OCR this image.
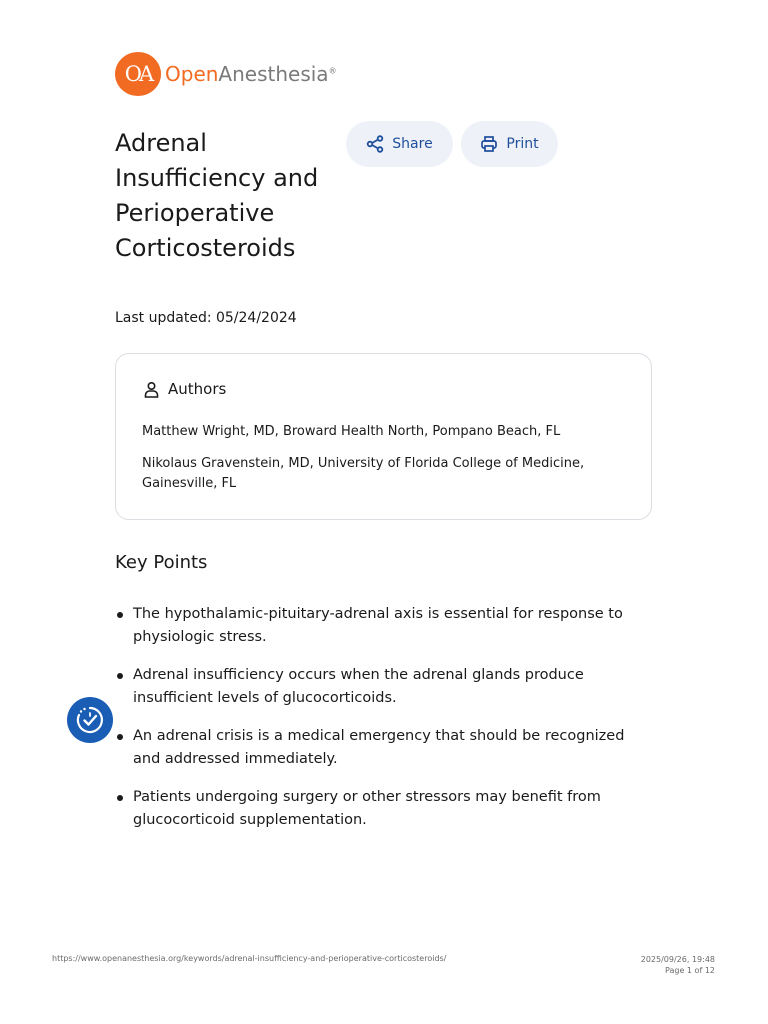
OA OpenAnesthesia®
Adrenal Insufficiency and Perioperative Corticosteroids
Last updated: 05/24/2024
Share	Print
Authors
Matthew Wright, MD, Broward Health North, Pompano Beach, FL
Nikolaus Gravenstein, MD, University of Florida College of Medicine, Gainesville, FL
Key Points
The hypothalamic-pituitary-adrenal axis is essential for response to physiologic stress.
Adrenal insufficiency occurs when the adrenal glands produce insufficient levels of glucocorticoids.
An adrenal crisis is a medical emergency that should be recognized and addressed immediately.
Patients undergoing surgery or other stressors may benefit from glucocorticoid supplementation.
https://www.openanesthesia.org/keywords/adrenal-insufficiency-and-perioperative-corticosteroids/	2025/09/26, 19:48
Page 1 of 12
